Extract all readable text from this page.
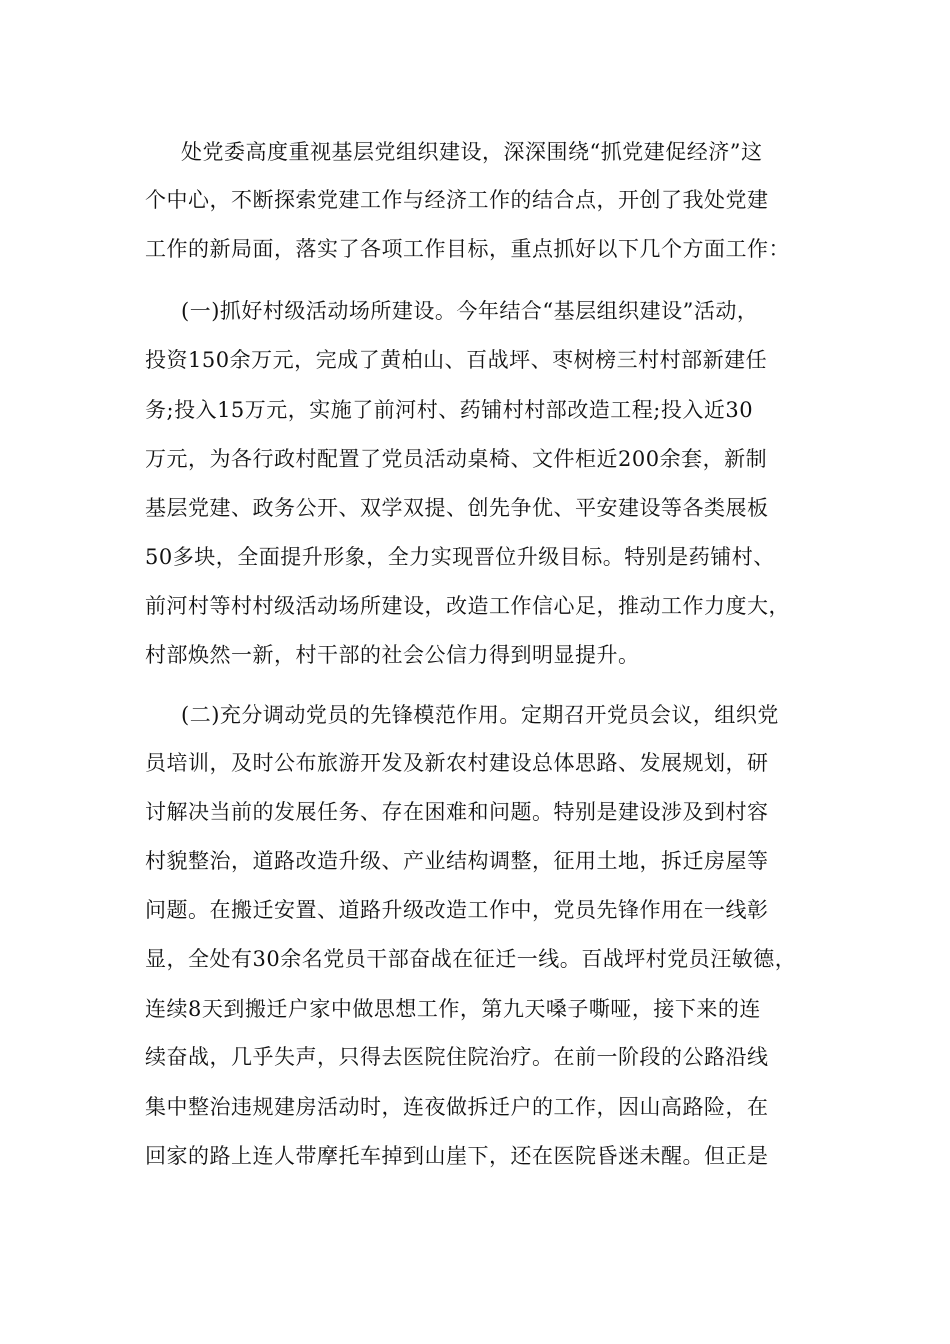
处党委高度重视基层党组织建设，深深围绕“抓党建促经济”这
个中心，不断探索党建工作与经济工作的结合点，开创了我处党建
工作的新局面，落实了各项工作目标，重点抓好以下几个方面工作：
(一)抓好村级活动场所建设。今年结合“基层组织建设”活动，
投资150余万元，完成了黄柏山、百战坪、枣树榜三村村部新建任
务;投入15万元，实施了前河村、药铺村村部改造工程;投入近30
万元，为各行政村配置了党员活动桌椅、文件柜近200余套，新制
基层党建、政务公开、双学双提、创先争优、平安建设等各类展板
50多块，全面提升形象，全力实现晋位升级目标。特别是药铺村、
前河村等村村级活动场所建设，改造工作信心足，推动工作力度大，
村部焕然一新，村干部的社会公信力得到明显提升。
(二)充分调动党员的先锋模范作用。定期召开党员会议，组织党
员培训，及时公布旅游开发及新农村建设总体思路、发展规划，研
讨解决当前的发展任务、存在困难和问题。特别是建设涉及到村容
村貌整治，道路改造升级、产业结构调整，征用土地，拆迁房屋等
问题。在搬迁安置、道路升级改造工作中，党员先锋作用在一线彰
显，全处有30余名党员干部奋战在征迁一线。百战坪村党员汪敏德，
连续8天到搬迁户家中做思想工作，第九天嗓子嘶哑，接下来的连
续奋战，几乎失声，只得去医院住院治疗。在前一阶段的公路沿线
集中整治违规建房活动时，连夜做拆迁户的工作，因山高路险，在
回家的路上连人带摩托车掉到山崖下，还在医院昏迷未醒。但正是
